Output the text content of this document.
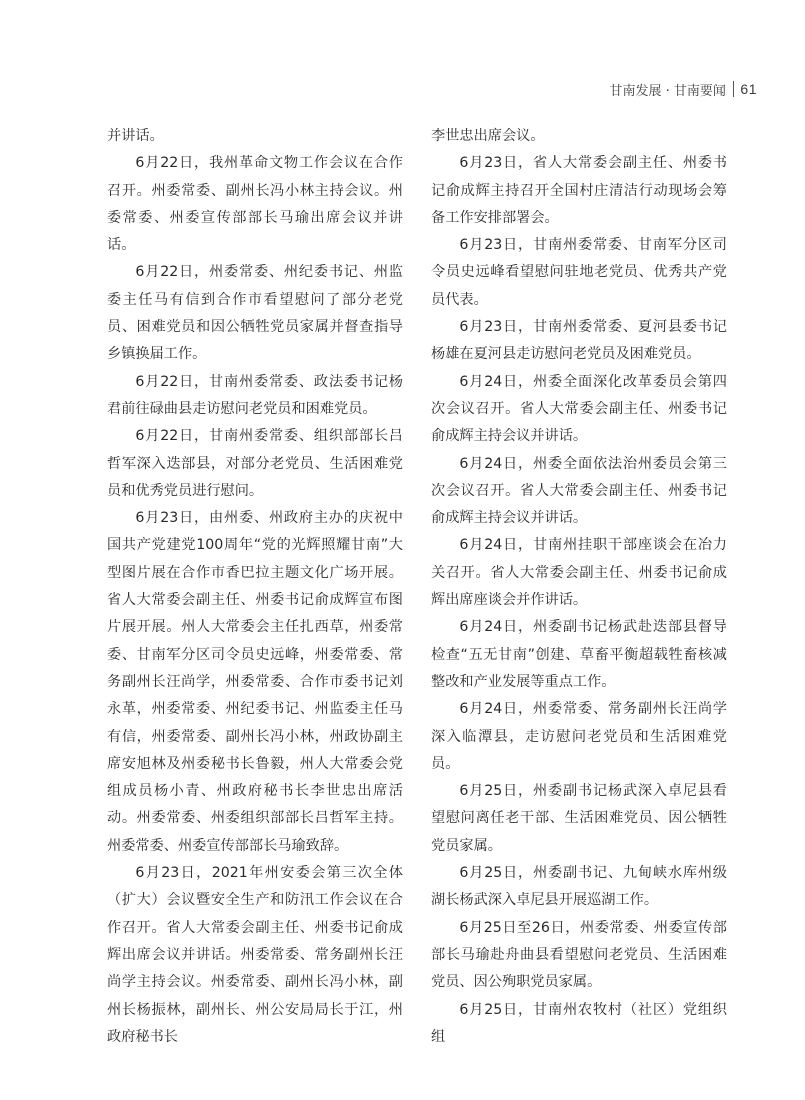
甘南发展 · 甘南要闻 61

并讲话。

6月22日，我州革命文物工作会议在合作召开。州委常委、副州长冯小林主持会议。州委常委、州委宣传部部长马瑜出席会议并讲话。

6月22日，州委常委、州纪委书记、州监委主任马有信到合作市看望慰问了部分老党员、困难党员和因公牺牲党员家属并督查指导乡镇换届工作。

6月22日，甘南州委常委、政法委书记杨君前往碌曲县走访慰问老党员和困难党员。

6月22日，甘南州委常委、组织部部长吕哲军深入迭部县，对部分老党员、生活困难党员和优秀党员进行慰问。

6月23日，由州委、州政府主办的庆祝中国共产党建党100周年“党的光辉照耀甘南”大型图片展在合作市香巴拉主题文化广场开展。省人大常委会副主任、州委书记俞成辉宣布图片展开展。州人大常委会主任扎西草，州委常委、甘南军分区司令员史远峰，州委常委、常务副州长汪尚学，州委常委、合作市委书记刘永革，州委常委、州纪委书记、州监委主任马有信，州委常委、副州长冯小林，州政协副主席安旭林及州委秘书长鲁毅，州人大常委会党组成员杨小青、州政府秘书长李世忠出席活动。州委常委、州委组织部部长吕哲军主持。州委常委、州委宣传部部长马瑜致辞。

6月23日，2021年州安委会第三次全体（扩大）会议暨安全生产和防汛工作会议在合作召开。省人大常委会副主任、州委书记俞成辉出席会议并讲话。州委常委、常务副州长汪尚学主持会议。州委常委、副州长冯小林，副州长杨振林，副州长、州公安局局长于江，州政府秘书长

李世忠出席会议。

6月23日，省人大常委会副主任、州委书记俞成辉主持召开全国村庄清洁行动现场会筹备工作安排部署会。

6月23日，甘南州委常委、甘南军分区司令员史远峰看望慰问驻地老党员、优秀共产党员代表。

6月23日，甘南州委常委、夏河县委书记杨雄在夏河县走访慰问老党员及困难党员。

6月24日，州委全面深化改革委员会第四次会议召开。省人大常委会副主任、州委书记俞成辉主持会议并讲话。

6月24日，州委全面依法治州委员会第三次会议召开。省人大常委会副主任、州委书记俞成辉主持会议并讲话。

6月24日，甘南州挂职干部座谈会在冶力关召开。省人大常委会副主任、州委书记俞成辉出席座谈会并作讲话。

6月24日，州委副书记杨武赴迭部县督导检查“五无甘南”创建、草畜平衡超载牲畜核减整改和产业发展等重点工作。

6月24日，州委常委、常务副州长汪尚学深入临潭县，走访慰问老党员和生活困难党员。

6月25日，州委副书记杨武深入卓尼县看望慰问离任老干部、生活困难党员、因公牺牲党员家属。

6月25日，州委副书记、九甸峡水库州级湖长杨武深入卓尼县开展巡湖工作。

6月25日至26日，州委常委、州委宣传部部长马瑜赴舟曲县看望慰问老党员、生活困难党员、因公殉职党员家属。

6月25日，甘南州农牧村（社区）党组织组
